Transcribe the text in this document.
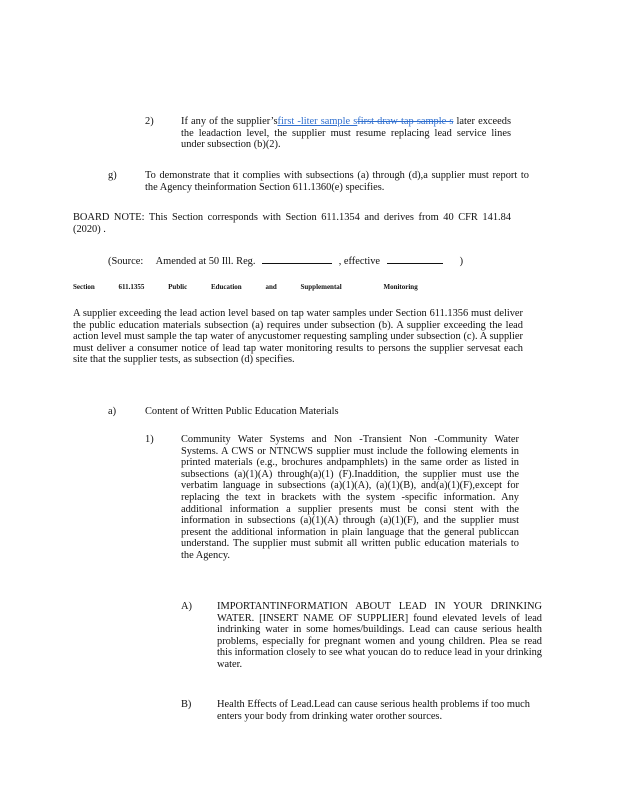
2)	If any of the supplier’sfirst -liter sample sfirst draw tap sample s later exceeds the leadaction level, the supplier must resume replacing lead service lines under subsection (b)(2).
g)	To demonstrate that it complies with subsections (a) through (d),a supplier must report to the Agency theinformation Section 611.1360(e) specifies.
BOARD NOTE: This Section corresponds with Section 611.1354 and derives from 40 CFR 141.84 (2020) .
(Source: Amended at 50 Ill. Reg.	, effective	)
Section	611.1355	Public	Education	and	Supplemental	Monitoring
A supplier exceeding the lead action level based on tap water samples under Section 611.1356 must deliver the public education materials subsection (a) requires under subsection (b). A supplier exceeding the lead action level must sample the tap water of anycustomer requesting sampling under subsection (c). A supplier must deliver a consumer notice of lead tap water monitoring results to persons the supplier servesat each site that the supplier tests, as subsection (d) specifies.
a)	Content of Written Public Education Materials
1)	Community Water Systems and Non -Transient Non -Community Water Systems. A CWS or NTNCWS supplier must include the following elements in printed materials (e.g., brochures andpamphlets) in the same order as listed in subsections (a)(1)(A) through(a)(1) (F).Inaddition, the supplier must use the verbatim language in subsections (a)(1)(A), (a)(1)(B), and(a)(1)(F),except for replacing the text in brackets with the system -specific information. Any additional information a supplier presents must be consi stent with the information in subsections (a)(1)(A) through (a)(1)(F), and the supplier must present the additional information in plain language that the general publiccan understand. The supplier must submit all written public education materials to the Agency.
A) IMPORTANTINFORMATION ABOUT LEAD IN YOUR DRINKING WATER. [INSERT NAME OF SUPPLIER] found elevated levels of lead indrinking water in some homes/buildings. Lead can cause serious health problems, especially for pregnant women and young children. Plea se read this information closely to see what youcan do to reduce lead in your drinking water.
B) Health Effects of Lead.Lead can cause serious health problems if too much enters your body from drinking water orother sources.
